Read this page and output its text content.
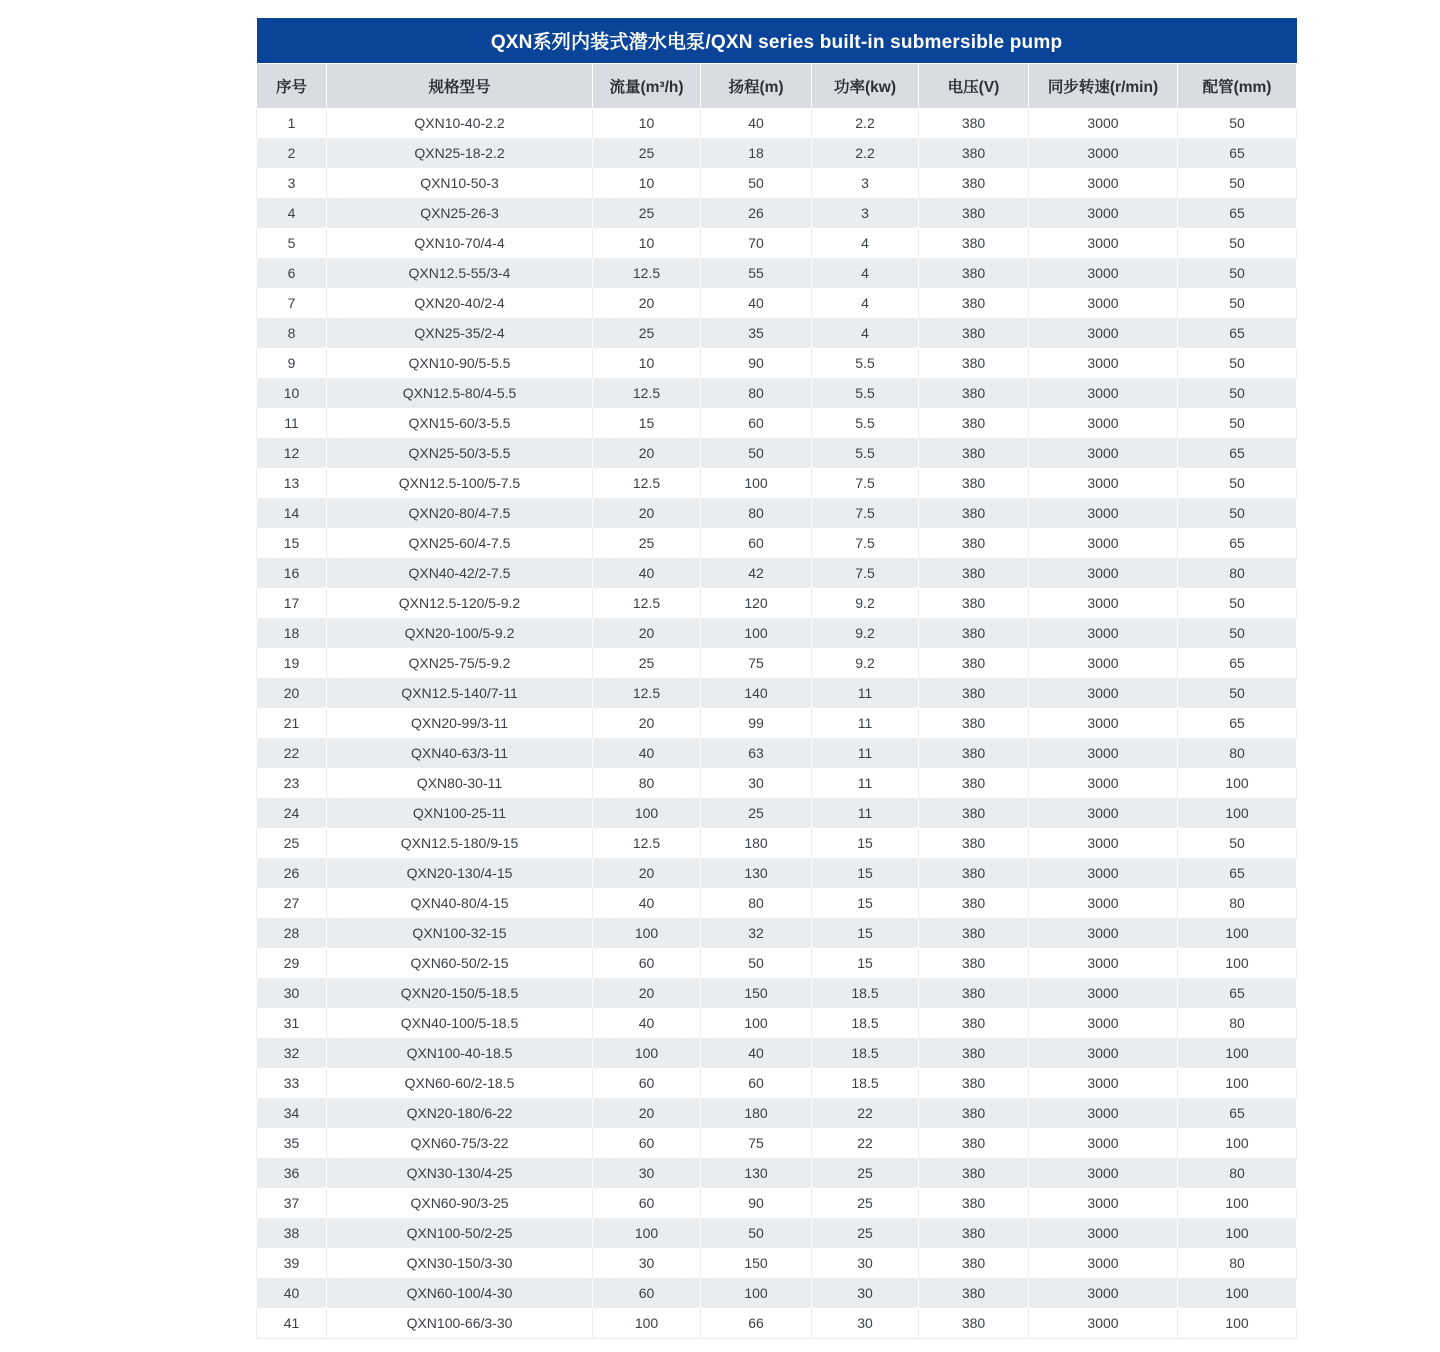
QXN系列内装式潜水电泵/QXN series built-in submersible pump							
序号	规格型号	流量(m³/h)	扬程(m)	功率(kw)	电压(V)	同步转速(r/min)	配管(mm)
1	QXN10-40-2.2	10	40	2.2	380	3000	50
2	QXN25-18-2.2	25	18	2.2	380	3000	65
3	QXN10-50-3	10	50	3	380	3000	50
4	QXN25-26-3	25	26	3	380	3000	65
5	QXN10-70/4-4	10	70	4	380	3000	50
6	QXN12.5-55/3-4	12.5	55	4	380	3000	50
7	QXN20-40/2-4	20	40	4	380	3000	50
8	QXN25-35/2-4	25	35	4	380	3000	65
9	QXN10-90/5-5.5	10	90	5.5	380	3000	50
10	QXN12.5-80/4-5.5	12.5	80	5.5	380	3000	50
11	QXN15-60/3-5.5	15	60	5.5	380	3000	50
12	QXN25-50/3-5.5	20	50	5.5	380	3000	65
13	QXN12.5-100/5-7.5	12.5	100	7.5	380	3000	50
14	QXN20-80/4-7.5	20	80	7.5	380	3000	50
15	QXN25-60/4-7.5	25	60	7.5	380	3000	65
16	QXN40-42/2-7.5	40	42	7.5	380	3000	80
17	QXN12.5-120/5-9.2	12.5	120	9.2	380	3000	50
18	QXN20-100/5-9.2	20	100	9.2	380	3000	50
19	QXN25-75/5-9.2	25	75	9.2	380	3000	65
20	QXN12.5-140/7-11	12.5	140	11	380	3000	50
21	QXN20-99/3-11	20	99	11	380	3000	65
22	QXN40-63/3-11	40	63	11	380	3000	80
23	QXN80-30-11	80	30	11	380	3000	100
24	QXN100-25-11	100	25	11	380	3000	100
25	QXN12.5-180/9-15	12.5	180	15	380	3000	50
26	QXN20-130/4-15	20	130	15	380	3000	65
27	QXN40-80/4-15	40	80	15	380	3000	80
28	QXN100-32-15	100	32	15	380	3000	100
29	QXN60-50/2-15	60	50	15	380	3000	100
30	QXN20-150/5-18.5	20	150	18.5	380	3000	65
31	QXN40-100/5-18.5	40	100	18.5	380	3000	80
32	QXN100-40-18.5	100	40	18.5	380	3000	100
33	QXN60-60/2-18.5	60	60	18.5	380	3000	100
34	QXN20-180/6-22	20	180	22	380	3000	65
35	QXN60-75/3-22	60	75	22	380	3000	100
36	QXN30-130/4-25	30	130	25	380	3000	80
37	QXN60-90/3-25	60	90	25	380	3000	100
38	QXN100-50/2-25	100	50	25	380	3000	100
39	QXN30-150/3-30	30	150	30	380	3000	80
40	QXN60-100/4-30	60	100	30	380	3000	100
41	QXN100-66/3-30	100	66	30	380	3000	100
